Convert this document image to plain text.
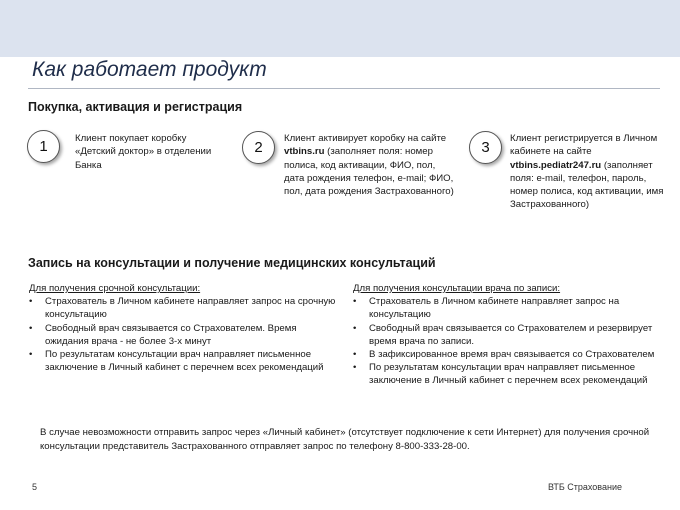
Как работает продукт
Покупка, активация и регистрация
1	Клиент покупает коробку «Детский доктор» в отделении Банка
2
Клиент активирует коробку на сайте vtbins.ru (заполняет поля: номер полиса, код активации, ФИО, пол, дата рождения телефон, e-mail; ФИО, пол, дата рождения Застрахованного)
3
Клиент регистрируется в Личном кабинете на сайте vtbins.pediatr247.ru (заполняет поля: e-mail, телефон, пароль, номер полиса, код активации, имя Застрахованного)
Запись на консультации и получение медицинских консультаций
Для получения срочной консультации:
• Страхователь в Личном кабинете направляет запрос на срочную консультацию
• Свободный врач связывается со Страхователем. Время ожидания врача - не более 3-х минут
• По результатам консультации врач направляет письменное заключение в Личный кабинет с перечнем всех рекомендаций
Для получения консультации врача по записи:
• Страхователь в Личном кабинете направляет запрос на консультацию
• Свободный врач связывается со Страхователем и резервирует время врача по записи.
• В зафиксированное время врач связывается со Страхователем
• По результатам консультации врач направляет письменное заключение в Личный кабинет с перечнем всех рекомендаций
В случае невозможности отправить запрос через «Личный кабинет» (отсутствует подключение к сети Интернет) для получения срочной консультации представитель Застрахованного отправляет запрос по телефону 8-800-333-28-00.
5	ВТБ Страхование
